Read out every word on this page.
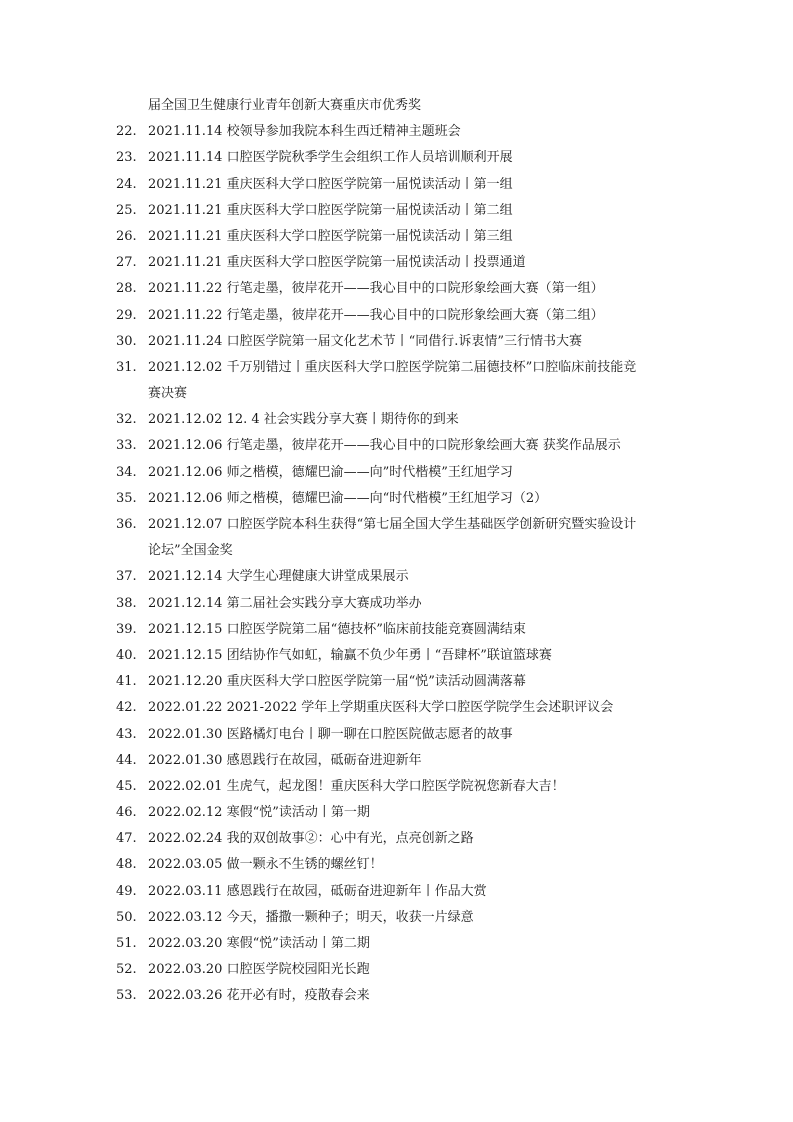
届全国卫生健康行业青年创新大赛重庆市优秀奖
22. 2021.11.14 校领导参加我院本科生西迁精神主题班会
23. 2021.11.14 口腔医学院秋季学生会组织工作人员培训顺利开展
24. 2021.11.21 重庆医科大学口腔医学院第一届悦读活动丨第一组
25. 2021.11.21 重庆医科大学口腔医学院第一届悦读活动丨第二组
26. 2021.11.21 重庆医科大学口腔医学院第一届悦读活动丨第三组
27. 2021.11.21 重庆医科大学口腔医学院第一届悦读活动丨投票通道
28. 2021.11.22 行笔走墨，彼岸花开——我心目中的口院形象绘画大赛（第一组）
29. 2021.11.22 行笔走墨，彼岸花开——我心目中的口院形象绘画大赛（第二组）
30. 2021.11.24 口腔医学院第一届文化艺术节丨“同借行.诉衷情”三行情书大赛
31. 2021.12.02 千万别错过丨重庆医科大学口腔医学院第二届德技杯”口腔临床前技能竞
赛决赛
32. 2021.12.02 12. 4 社会实践分享大赛丨期待你的到来
33. 2021.12.06 行笔走墨，彼岸花开——我心目中的口院形象绘画大赛 获奖作品展示
34. 2021.12.06 师之楷模，德耀巴渝——向”时代楷模”王红旭学习
35. 2021.12.06 师之楷模，德耀巴渝——向“时代楷模”王红旭学习（2）
36. 2021.12.07 口腔医学院本科生获得“第七届全国大学生基础医学创新研究暨实验设计
论坛”全国金奖
37. 2021.12.14 大学生心理健康大讲堂成果展示
38. 2021.12.14 第二届社会实践分享大赛成功举办
39. 2021.12.15 口腔医学院第二届“德技杯”临床前技能竞赛圆满结束
40. 2021.12.15 团结协作气如虹，输赢不负少年勇丨“吾肆杯”联谊篮球赛
41. 2021.12.20 重庆医科大学口腔医学院第一届“悦”读活动圆满落幕
42. 2022.01.22 2021-2022 学年上学期重庆医科大学口腔医学院学生会述职评议会
43. 2022.01.30 医路橘灯电台丨聊一聊在口腔医院做志愿者的故事
44. 2022.01.30 感恩践行在故园，砥砺奋进迎新年
45. 2022.02.01 生虎气，起龙图！重庆医科大学口腔医学院祝您新春大吉！
46. 2022.02.12 寒假“悦”读活动丨第一期
47. 2022.02.24 我的双创故事②：心中有光，点亮创新之路
48. 2022.03.05 做一颗永不生锈的螺丝钉！
49. 2022.03.11 感恩践行在故园，砥砺奋进迎新年丨作品大赏
50. 2022.03.12 今天，播撒一颗种子；明天，收获一片绿意
51. 2022.03.20 寒假“悦”读活动丨第二期
52. 2022.03.20 口腔医学院校园阳光长跑
53. 2022.03.26 花开必有时，疫散春会来
